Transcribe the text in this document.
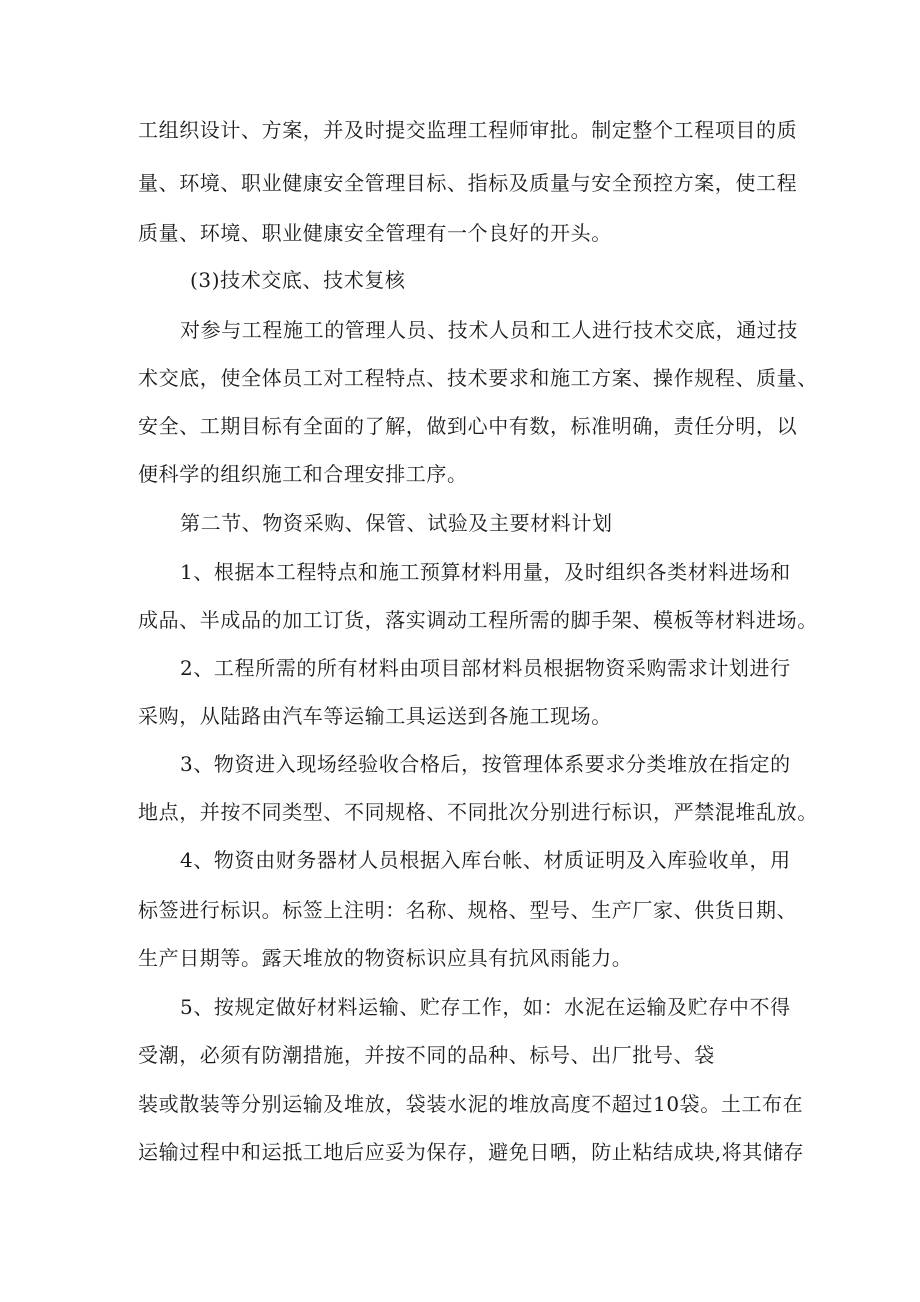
工组织设计、方案，并及时提交监理工程师审批。制定整个工程项目的质
量、环境、职业健康安全管理目标、指标及质量与安全预控方案，使工程
质量、环境、职业健康安全管理有一个良好的开头。
(3)技术交底、技术复核
对参与工程施工的管理人员、技术人员和工人进行技术交底，通过技
术交底，使全体员工对工程特点、技术要求和施工方案、操作规程、质量、
安全、工期目标有全面的了解，做到心中有数，标准明确，责任分明，以
便科学的组织施工和合理安排工序。
第二节、物资采购、保管、试验及主要材料计划
1、根据本工程特点和施工预算材料用量，及时组织各类材料进场和
成品、半成品的加工订货，落实调动工程所需的脚手架、模板等材料进场。
2、工程所需的所有材料由项目部材料员根据物资采购需求计划进行
采购，从陆路由汽车等运输工具运送到各施工现场。
3、物资进入现场经验收合格后，按管理体系要求分类堆放在指定的
地点，并按不同类型、不同规格、不同批次分别进行标识，严禁混堆乱放。
4、物资由财务器材人员根据入库台帐、材质证明及入库验收单，用
标签进行标识。标签上注明：名称、规格、型号、生产厂家、供货日期、
生产日期等。露天堆放的物资标识应具有抗风雨能力。
5、按规定做好材料运输、贮存工作，如：水泥在运输及贮存中不得
受潮，必须有防潮措施，并按不同的品种、标号、出厂批号、袋
装或散装等分别运输及堆放，袋装水泥的堆放高度不超过10袋。土工布在
运输过程中和运抵工地后应妥为保存，避免日晒，防止粘结成块,将其储存
